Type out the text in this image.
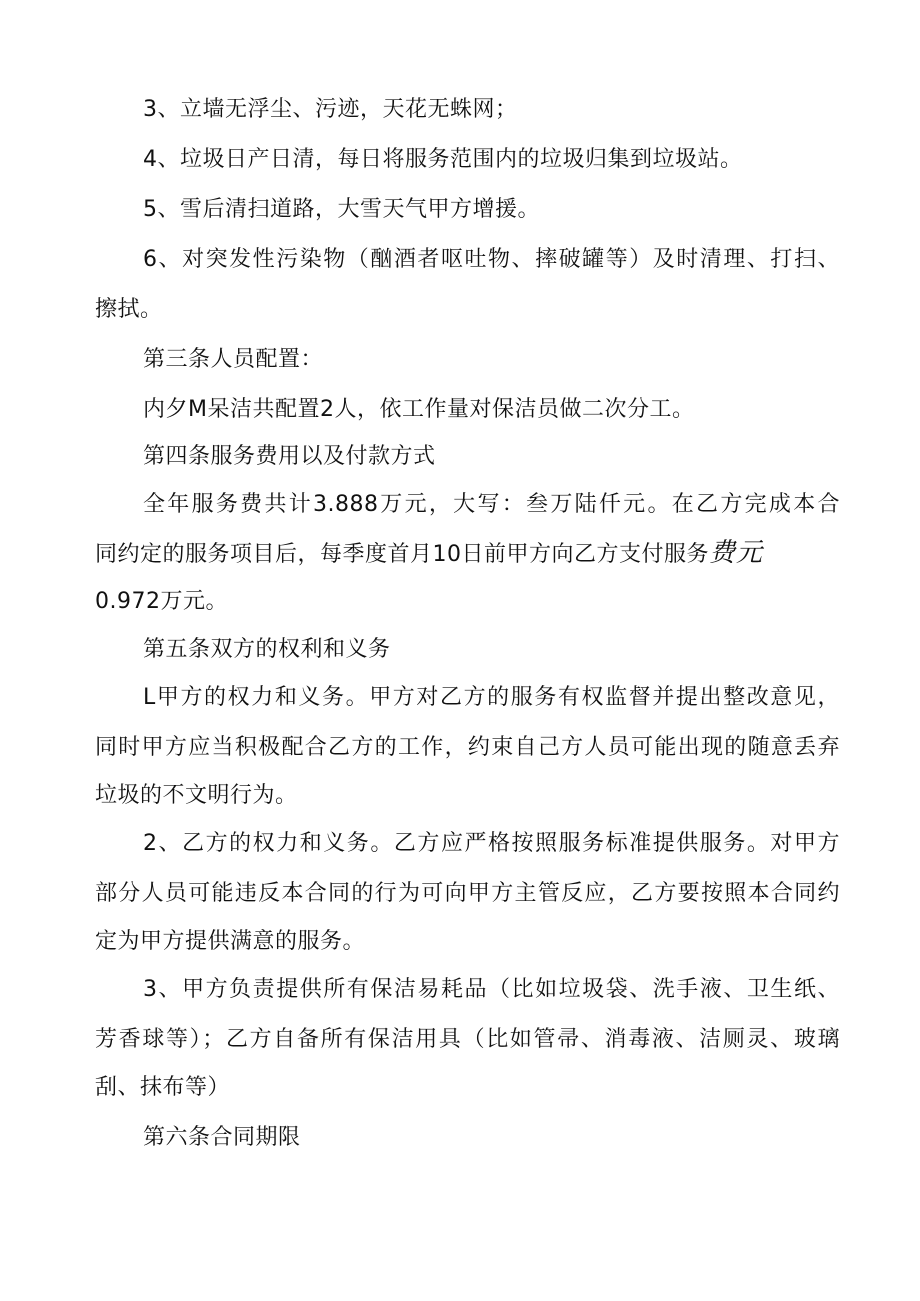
3、立墙无浮尘、污迹，天花无蛛网；
4、垃圾日产日清，每日将服务范围内的垃圾归集到垃圾站。
5、雪后清扫道路，大雪天气甲方增援。
6、对突发性污染物（酗酒者呕吐物、摔破罐等）及时清理、打扫、
擦拭。
第三条人员配置：
内夕M呆洁共配置2人，依工作量对保洁员做二次分工。
第四条服务费用以及付款方式
全年服务费共计3.888万元，大写：叁万陆仟元。在乙方完成本合
同约定的服务项目后，每季度首月10日前甲方向乙方支付服务费元
0.972万元。
第五条双方的权利和义务
L甲方的权力和义务。甲方对乙方的服务有权监督并提出整改意见，
同时甲方应当积极配合乙方的工作，约束自己方人员可能出现的随意丢弃
垃圾的不文明行为。
2、乙方的权力和义务。乙方应严格按照服务标准提供服务。对甲方
部分人员可能违反本合同的行为可向甲方主管反应，乙方要按照本合同约
定为甲方提供满意的服务。
3、甲方负责提供所有保洁易耗品（比如垃圾袋、洗手液、卫生纸、
芳香球等）；乙方自备所有保洁用具（比如管帚、消毒液、洁厕灵、玻璃
刮、抹布等）
第六条合同期限
